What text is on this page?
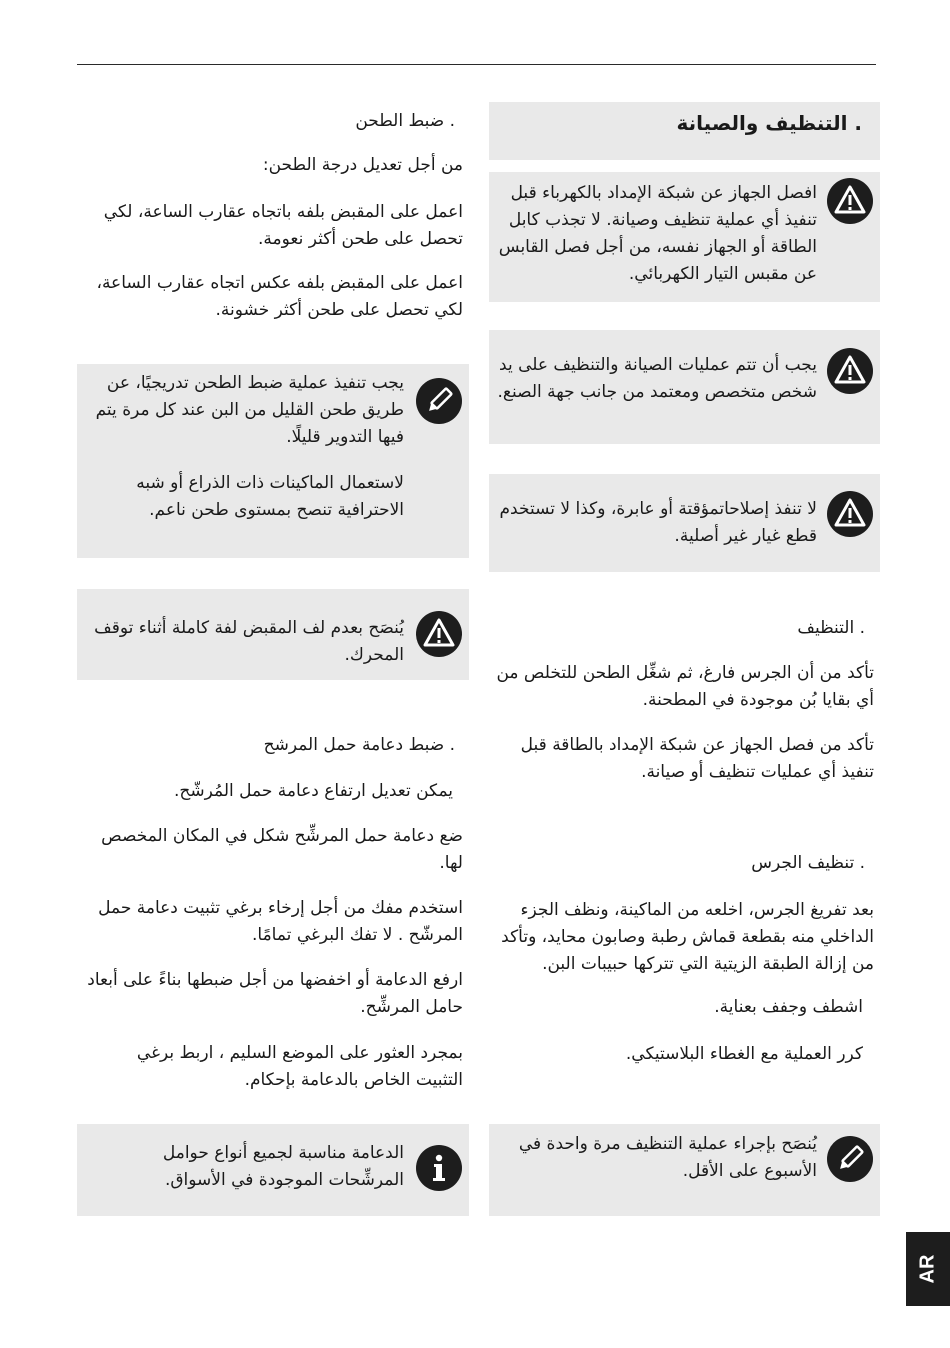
. التنظيف والصيانة

افصل الجهاز عن شبكة الإمداد بالكهرباء قبل تنفيذ أي عملية تنظيف وصيانة. لا تجذب كابل الطاقة أو الجهاز نفسه، من أجل فصل القابس عن مقبس التيار الكهربائي.

يجب أن تتم عمليات الصيانة والتنظيف على يد شخص متخصص ومعتمد من جانب جهة الصنع.

لا تنفذ إصلاحاتمؤقتة أو عابرة، وكذا لا تستخدم قطع غيار غير أصلية.

. التنظيف

تأكد من أن الجرس فارغ، ثم شغِّل الطحن للتخلص من أي بقايا بُن موجودة في المطحنة.

تأكد من فصل الجهاز عن شبكة الإمداد بالطاقة قبل تنفيذ أي عمليات تنظيف أو صيانة.

. تنظيف الجرس

بعد تفريغ الجرس، اخلعه من الماكينة، ونظف الجزء الداخلي منه بقطعة قماش رطبة وصابون محايد، وتأكد من إزالة الطبقة الزيتية التي تتركها حبيبات البن.

اشطف وجفف بعناية.

كرر العملية مع الغطاء البلاستيكي.

يُنصَح بإجراء عملية التنظيف مرة واحدة في الأسبوع على الأقل.

. ضبط الطحن

من أجل تعديل درجة الطحن:

اعمل على المقبض بلفه باتجاه عقارب الساعة، لكي تحصل على طحن أكثر نعومة.

اعمل على المقبض بلفه عكس اتجاه عقارب الساعة، لكي تحصل على طحن أكثر خشونة.

يجب تنفيذ عملية ضبط الطحن تدريجيًا، عن طريق طحن القليل من البن عند كل مرة يتم فيها التدوير قليلًا.

لاستعمال الماكينات ذات الذراع أو شبه الاحترافية تنصح بمستوى طحن ناعم.

يُنصَح بعدم لف المقبض لفة كاملة أثناء توقف المحرك.

. ضبط دعامة حمل المرشح

يمكن تعديل ارتفاع دعامة حمل المُرشّح.

ضع دعامة حمل المرشِّح شكل في المكان المخصص لها.

استخدم مفك من أجل إرخاء برغي تثبيت دعامة حمل المرشّح . لا تفك البرغي تمامًا.

ارفع الدعامة أو اخفضها من أجل ضبطها بناءً على أبعاد حامل المرشِّح.

بمجرد العثور على الموضع السليم ، اربط برغي التثبيت الخاص بالدعامة بإحكام.

الدعامة مناسبة لجميع أنواع حوامل المرشِّحات الموجودة في الأسواق.

AR
